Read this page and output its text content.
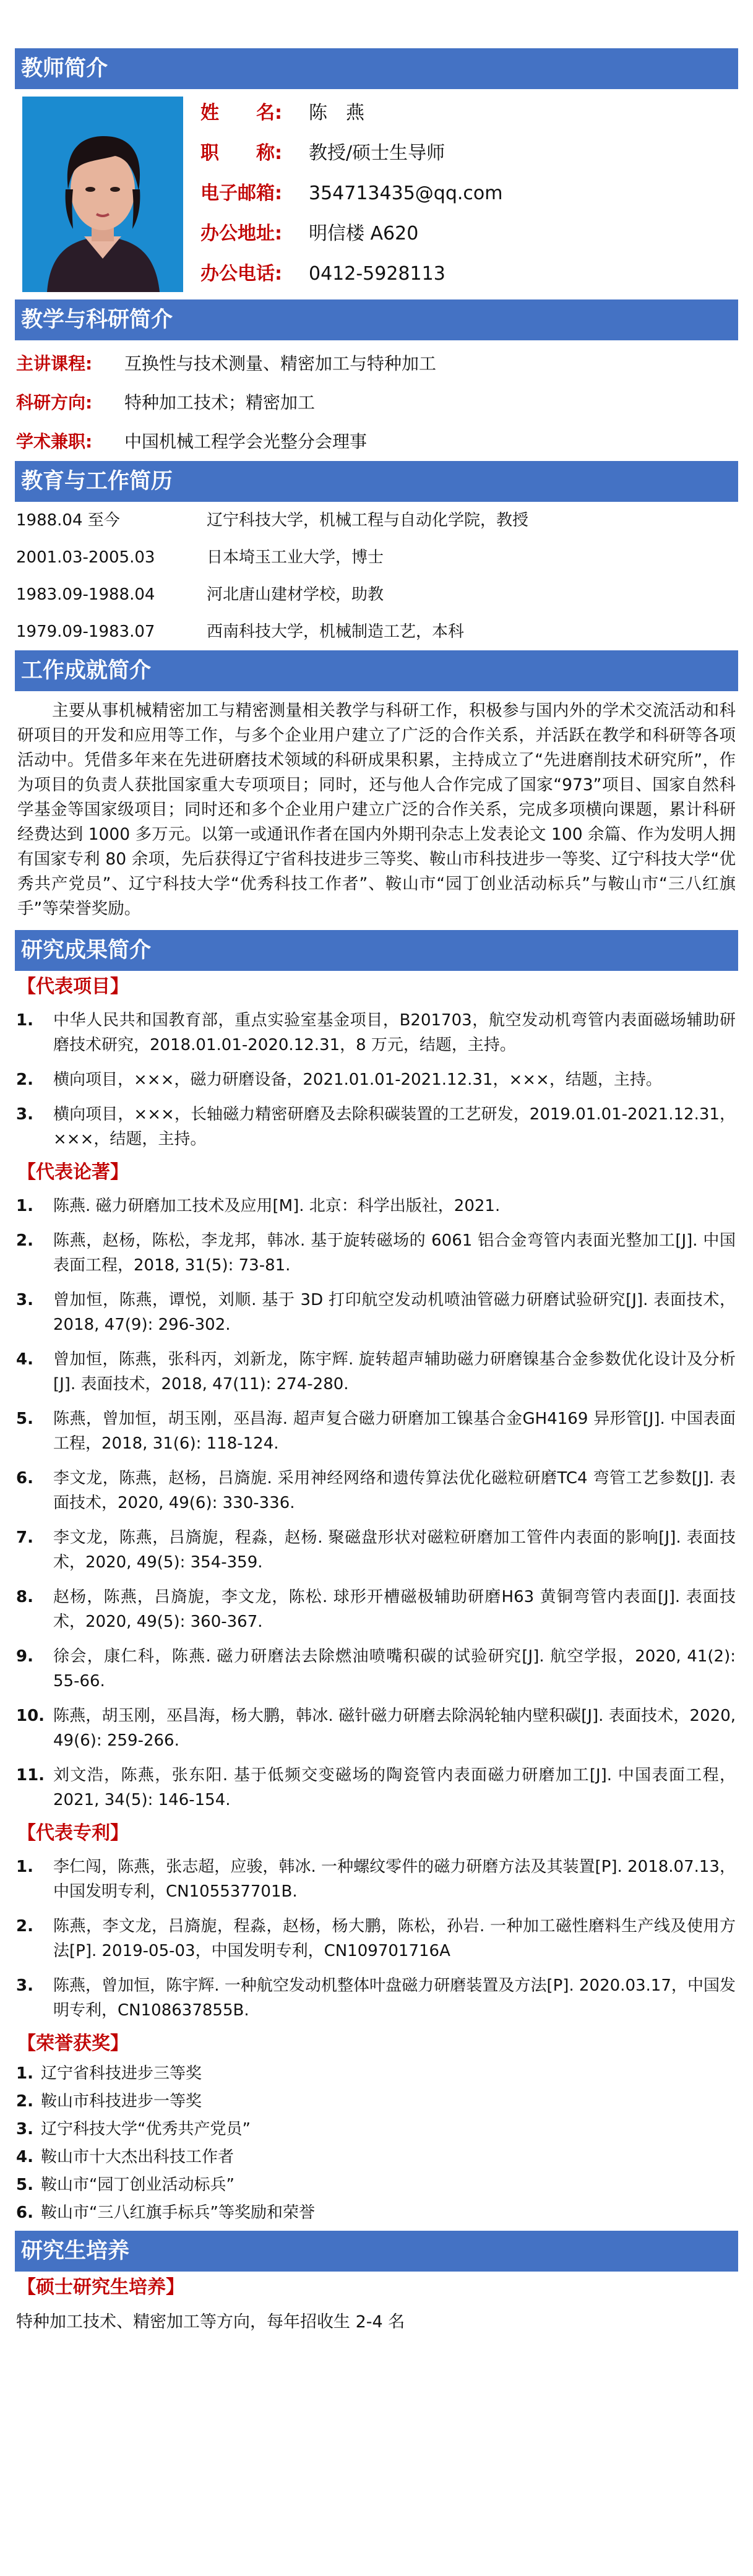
教师简介
姓　　名:	陈　燕
职　　称:	教授/硕士生导师
电子邮箱:	354713435@qq.com
办公地址:	明信楼 A620
办公电话:	0412-5928113
教学与科研简介
主讲课程:	互换性与技术测量、精密加工与特种加工
科研方向:	特种加工技术；精密加工
学术兼职:	中国机械工程学会光整分会理事
教育与工作简历
1988.04 至今	辽宁科技大学，机械工程与自动化学院，教授
2001.03-2005.03	日本埼玉工业大学，博士
1983.09-1988.04	河北唐山建材学校，助教
1979.09-1983.07	西南科技大学，机械制造工艺，本科
工作成就简介
主要从事机械精密加工与精密测量相关教学与科研工作，积极参与国内外的学术交流活动和科研项目的开发和应用等工作，与多个企业用户建立了广泛的合作关系，并活跃在教学和科研等各项活动中。凭借多年来在先进研磨技术领域的科研成果积累，主持成立了“先进磨削技术研究所”，作为项目的负责人获批国家重大专项项目；同时，还与他人合作完成了国家“973”项目、国家自然科学基金等国家级项目；同时还和多个企业用户建立广泛的合作关系，完成多项横向课题，累计科研经费达到 1000 多万元。以第一或通讯作者在国内外期刊杂志上发表论文 100 余篇、作为发明人拥有国家专利 80 余项，先后获得辽宁省科技进步三等奖、鞍山市科技进步一等奖、辽宁科技大学“优秀共产党员”、辽宁科技大学“优秀科技工作者”、鞍山市“园丁创业活动标兵”与鞍山市“三八红旗手”等荣誉奖励。
研究成果简介
【代表项目】
1.	中华人民共和国教育部，重点实验室基金项目，B201703，航空发动机弯管内表面磁场辅助研磨技术研究，2018.01.01-2020.12.31，8 万元，结题，主持。
2.	横向项目，×××，磁力研磨设备，2021.01.01-2021.12.31，×××，结题，主持。
3.	横向项目，×××，长轴磁力精密研磨及去除积碳装置的工艺研发，2019.01.01-2021.12.31，×××，结题，主持。
【代表论著】
1.	陈燕. 磁力研磨加工技术及应用[M]. 北京：科学出版社，2021.
2.	陈燕，赵杨，陈松，李龙邦，韩冰. 基于旋转磁场的 6061 铝合金弯管内表面光整加工[J]. 中国表面工程，2018, 31(5): 73-81.
3.	曾加恒，陈燕，谭悦，刘顺. 基于 3D 打印航空发动机喷油管磁力研磨试验研究[J]. 表面技术，2018, 47(9): 296-302.
4.	曾加恒，陈燕，张科丙，刘新龙，陈宇辉. 旋转超声辅助磁力研磨镍基合金参数优化设计及分析[J]. 表面技术，2018, 47(11): 274-280.
5.	陈燕，曾加恒，胡玉刚，巫昌海. 超声复合磁力研磨加工镍基合金GH4169 异形管[J]. 中国表面工程，2018, 31(6): 118-124.
6.	李文龙，陈燕，赵杨，吕旖旎. 采用神经网络和遗传算法优化磁粒研磨TC4 弯管工艺参数[J]. 表面技术，2020, 49(6): 330-336.
7.	李文龙，陈燕，吕旖旎，程淼，赵杨. 聚磁盘形状对磁粒研磨加工管件内表面的影响[J]. 表面技术，2020, 49(5): 354-359.
8.	赵杨，陈燕，吕旖旎，李文龙，陈松. 球形开槽磁极辅助研磨H63 黄铜弯管内表面[J]. 表面技术，2020, 49(5): 360-367.
9.	徐会，康仁科，陈燕. 磁力研磨法去除燃油喷嘴积碳的试验研究[J]. 航空学报，2020, 41(2): 55-66.
10. 陈燕，胡玉刚，巫昌海，杨大鹏，韩冰. 磁针磁力研磨去除涡轮轴内壁积碳[J]. 表面技术，2020, 49(6): 259-266.
11. 刘文浩，陈燕，张东阳. 基于低频交变磁场的陶瓷管内表面磁力研磨加工[J]. 中国表面工程，2021, 34(5): 146-154.
【代表专利】
1.	李仁闯，陈燕，张志超，应骏，韩冰. 一种螺纹零件的磁力研磨方法及其装置[P]. 2018.07.13，中国发明专利，CN105537701B.
2.	陈燕，李文龙，吕旖旎，程淼，赵杨，杨大鹏，陈松，孙岩. 一种加工磁性磨料生产线及使用方法[P]. 2019-05-03，中国发明专利，CN109701716A
3.	陈燕，曾加恒，陈宇辉. 一种航空发动机整体叶盘磁力研磨装置及方法[P]. 2020.03.17，中国发明专利，CN108637855B.
【荣誉获奖】
1. 辽宁省科技进步三等奖
2. 鞍山市科技进步一等奖
3. 辽宁科技大学“优秀共产党员”
4. 鞍山市十大杰出科技工作者
5. 鞍山市“园丁创业活动标兵”
6. 鞍山市“三八红旗手标兵”等奖励和荣誉
研究生培养
【硕士研究生培养】
特种加工技术、精密加工等方向，每年招收生 2-4 名
